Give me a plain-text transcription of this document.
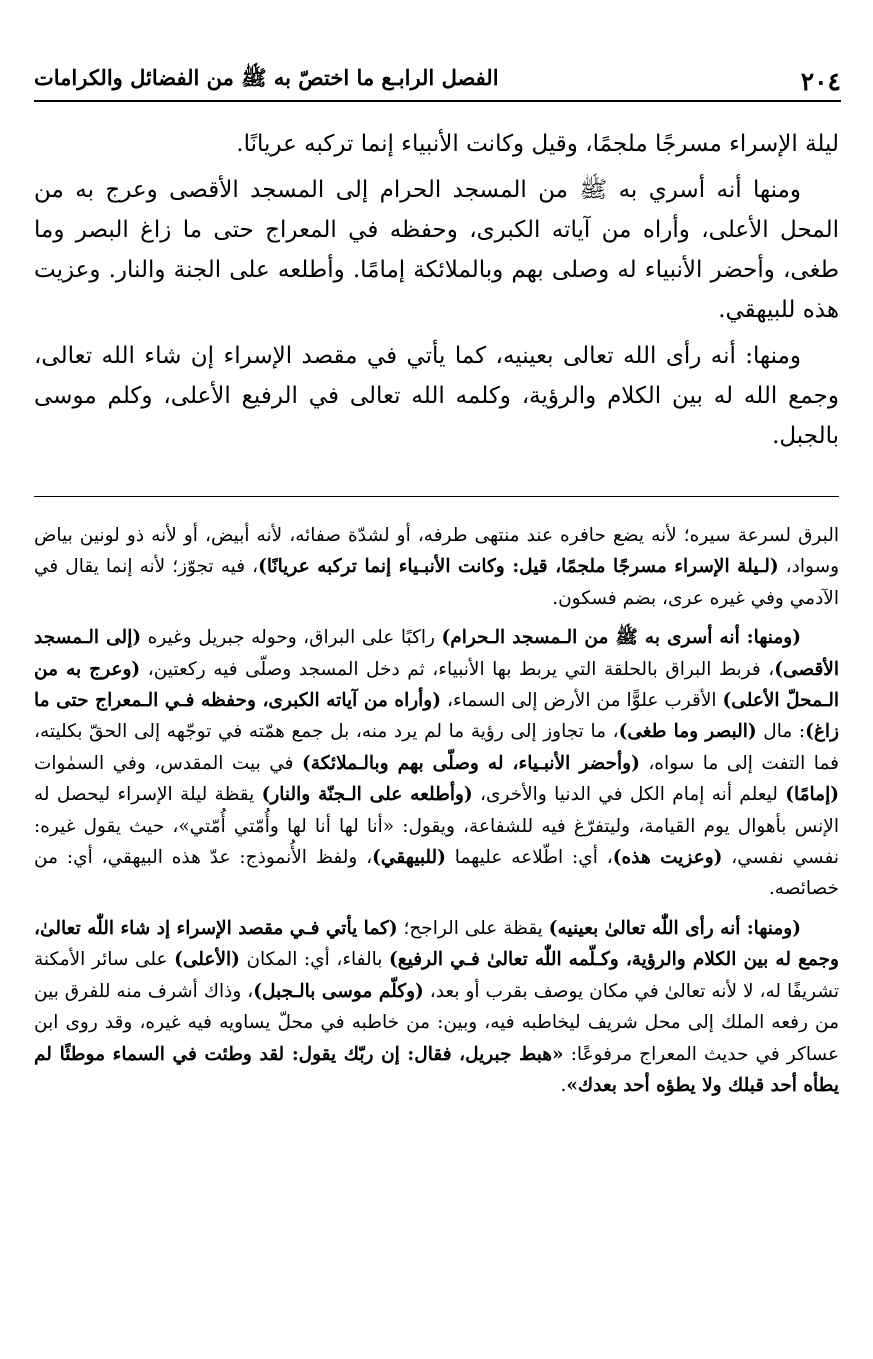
٢٠٤
الفصل الرابـع ما اختصّ به ﷺ من الفضائل والكرامات

ليلة الإسراء مسرجًا ملجمًا، وقيل وكانت الأنبياء إنما تركبه عريانًا.

ومنها أنه أسري به ﷺ من المسجد الحرام إلى المسجد الأقصى وعرج به من المحل الأعلى، وأراه من آياته الكبرى، وحفظه في المعراج حتى ما زاغ البصر وما طغى، وأحضر الأنبياء له وصلى بهم وبالملائكة إمامًا. وأطلعه على الجنة والنار. وعزيت هذه للبيهقي.

ومنها: أنه رأى الله تعالى بعينيه، كما يأتي في مقصد الإسراء إن شاء الله تعالى، وجمع الله له بين الكلام والرؤية، وكلمه الله تعالى في الرفيع الأعلى، وكلم موسى بالجبل.

البرق لسرعة سيره؛ لأنه يضع حافره عند منتهى طرفه، أو لشدّة صفائه، لأنه أبيض، أو لأنه ذو لونين بياض وسواد، (لـيلة الإسراء مسرجًا ملجمًا، قيل: وكانت الأنبـياء إنما تركبه عريانًا)، فيه تجوّز؛ لأنه إنما يقال في الآدمي وفي غيره عرى، بضم فسكون.

(ومنها: أنه أسرى به ﷺ من الـمسجد الـحرام) راكبًا على البراق، وحوله جبريل وغيره (إلى الـمسجد الأقصى)، فربط البراق بالحلقة التي يربط بها الأنبياء، ثم دخل المسجد وصلّى فيه ركعتين، (وعرج به من الـمحلّ الأعلى) الأقرب علوًّا من الأرض إلى السماء، (وأراه من آياته الكبرى، وحفظه فـي الـمعراج حتى ما زاغ): مال (البصر وما طغى)، ما تجاوز إلى رؤية ما لم يرد منه، بل جمع همّته في توجّهه إلى الحقّ بكليته، فما التفت إلى ما سواه، (وأحضر الأنبـياء، له وصلّى بهم وبالـملائكة) في بيت المقدس، وفي السمٰوات (إمامًا) ليعلم أنه إمام الكل في الدنيا والأخرى، (وأطلعه على الـجنّة والنار) يقظة ليلة الإسراء ليحصل له الإنس بأهوال يوم القيامة، وليتفرّغ فيه للشفاعة، ويقول: «أنا لها أنا لها وأُمّتي أُمّتي»، حيث يقول غيره: نفسي نفسي، (وعزيت هذه)، أي: اطّلاعه عليهما (للبيهقي)، ولفظ الأُنموذج: عدّ هذه البيهقي، أي: من خصائصه.

(ومنها: أنه رأى اللّٰه تعالىٰ بعينيه) يقظة على الراجح؛ (كما يأتي فـي مقصد الإسراء إد شاء اللّٰه تعالىٰ، وجمع له بين الكلام والرؤية، وكـلّمه اللّٰه تعالىٰ فـي الرفيع) بالفاء، أي: المكان (الأعلى) على سائر الأمكنة تشريفًا له، لا لأنه تعالىٰ في مكان يوصف بقرب أو بعد، (وكلّم موسى بالـجبل)، وذاك أشرف منه للفرق بين من رفعه الملك إلى محل شريف ليخاطبه فيه، وبين: من خاطبه في محلّ يساويه فيه غيره، وقد روى ابن عساكر في حديث المعراج مرفوعًا: «هبط جبريل، فقال: إن ربّك يقول: لقد وطئت في السماء موطئًا لم يطأه أحد قبلك ولا يطؤه أحد بعدك».
